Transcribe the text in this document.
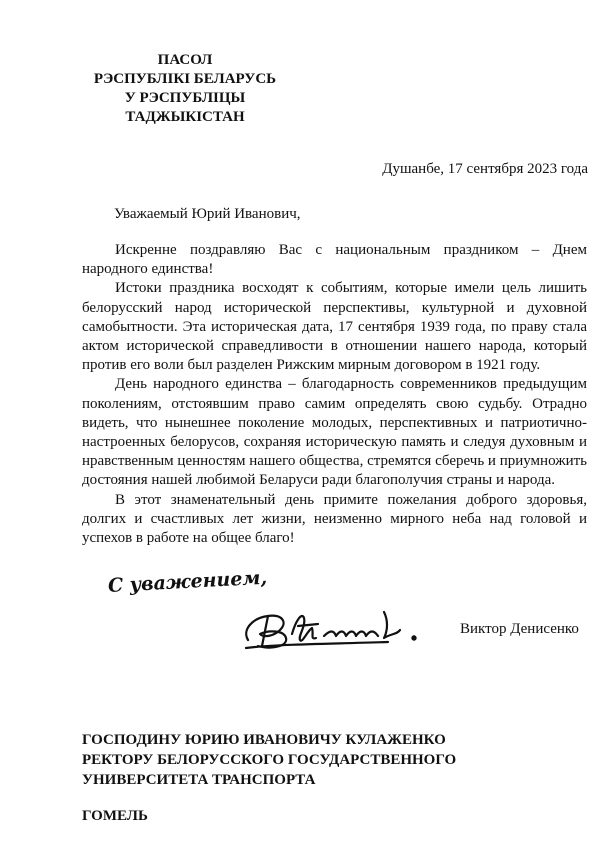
ПАСОЛ
РЭСПУБЛІКІ БЕЛАРУСЬ
У РЭСПУБЛІЦЫ
ТАДЖЫКІСТАН
Душанбе, 17 сентября 2023 года
Уважаемый Юрий Иванович,

Искренне поздравляю Вас с национальным праздником – Днем народного единства!

Истоки праздника восходят к событиям, которые имели цель лишить белорусский народ исторической перспективы, культурной и духовной самобытности. Эта историческая дата, 17 сентября 1939 года, по праву стала актом исторической справедливости в отношении нашего народа, который против его воли был разделен Рижским мирным договором в 1921 году.

День народного единства – благодарность современников предыдущим поколениям, отстоявшим право самим определять свою судьбу. Отрадно видеть, что нынешнее поколение молодых, перспективных и патриотично-настроенных белорусов, сохраняя историческую память и следуя духовным и нравственным ценностям нашего общества, стремятся сберечь и приумножить достояния нашей любимой Беларуси ради благополучия страны и народа.

В этот знаменательный день примите пожелания доброго здоровья, долгих и счастливых лет жизни, неизменно мирного неба над головой и успехов в работе на общее благо!

С уважением,
Виктор Денисенко
ГОСПОДИНУ ЮРИЮ ИВАНОВИЧУ КУЛАЖЕНКО
РЕКТОРУ БЕЛОРУССКОГО ГОСУДАРСТВЕННОГО
УНИВЕРСИТЕТА ТРАНСПОРТА
ГОМЕЛЬ
